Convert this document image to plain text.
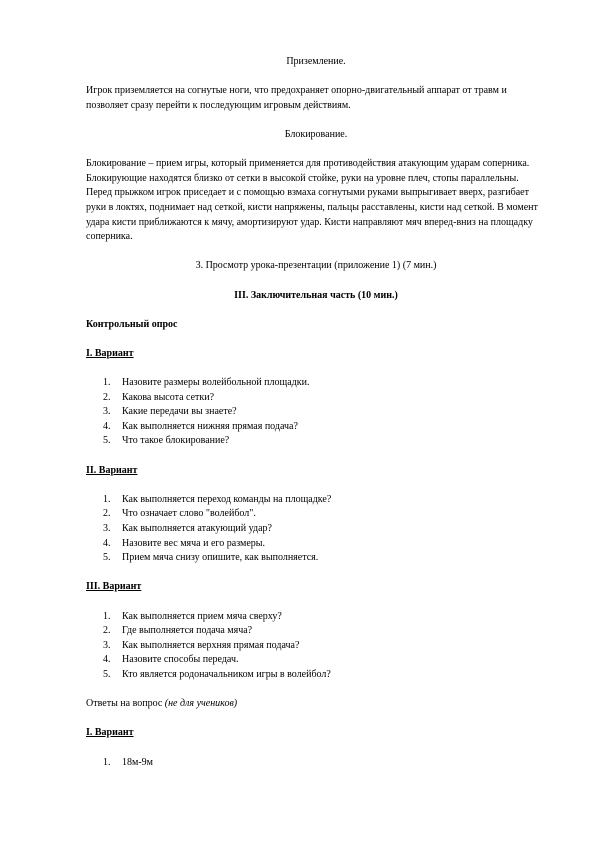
Приземление.

Игрок приземляется на согнутые ноги, что предохраняет опорно-двигательный аппарат от травм и позволяет сразу перейти к последующим игровым действиям.

Блокирование.

Блокирование – прием игры, который применяется для противодействия атакующим ударам соперника. Блокирующие находятся близко от сетки в высокой стойке, руки на уровне плеч, стопы параллельны. Перед прыжком игрок приседает и с помощью взмаха согнутыми руками выпрыгивает вверх, разгибает руки в локтях, поднимает над сеткой, кисти напряжены, пальцы расставлены, кисти над сеткой. В момент удара кисти приближаются к мячу, амортизируют удар. Кисти направляют мяч вперед-вниз на площадку соперника.

3. Просмотр урока-презентации (приложение 1) (7 мин.)
III. Заключительная часть (10 мин.)
Контрольный опрос
I. Вариант
1. Назовите размеры волейбольной площадки.
2. Какова высота сетки?
3. Какие передачи вы знаете?
4. Как выполняется нижняя прямая подача?
5. Что такое блокирование?
II. Вариант
1. Как выполняется переход команды на площадке?
2. Что означает слово "волейбол".
3. Как выполняется атакующий удар?
4. Назовите вес мяча и его размеры.
5. Прием мяча снизу опишите, как выполняется.
III. Вариант
1. Как выполняется прием мяча сверху?
2. Где выполняется подача мяча?
3. Как выполняется верхняя прямая подача?
4. Назовите способы передач.
5. Кто является родоначальником игры в волейбол?
Ответы на вопрос (не для учеников)
I. Вариант
1. 18м-9м
